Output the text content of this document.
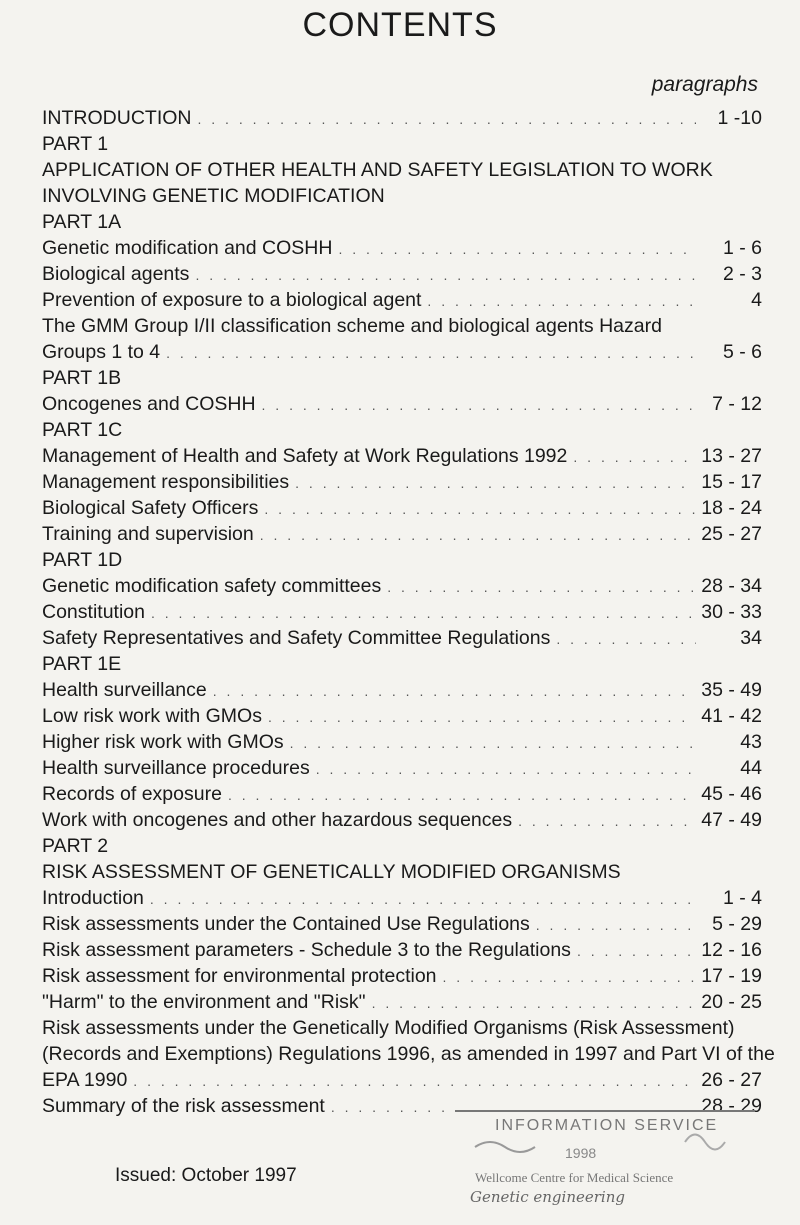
CONTENTS
paragraphs
INTRODUCTION . . .	1 -10
PART 1
APPLICATION OF OTHER HEALTH AND SAFETY LEGISLATION TO WORK
INVOLVING GENETIC MODIFICATION
PART 1A
Genetic modification and COSHH . . .	1 - 6
Biological agents . . .	2 - 3
Prevention of exposure to a biological agent . . .	4
The GMM Group I/II classification scheme and biological agents Hazard
Groups 1 to 4 . . .	5 - 6
PART 1B
Oncogenes and COSHH . . .	7 - 12
PART 1C
Management of Health and Safety at Work Regulations 1992 . . .	13 - 27
Management responsibilities . . .	15 - 17
Biological Safety Officers . . .	18 - 24
Training and supervision . . .	25 - 27
PART 1D
Genetic modification safety committees . . .	28 - 34
Constitution . . .	30 - 33
Safety Representatives and Safety Committee Regulations . . .	34
PART 1E
Health surveillance . . .	35 - 49
Low risk work with GMOs . . .	41 - 42
Higher risk work with GMOs . . .	43
Health surveillance procedures . . .	44
Records of exposure . . .	45 - 46
Work with oncogenes and other hazardous sequences . . .	47 - 49
PART 2
RISK ASSESSMENT OF GENETICALLY MODIFIED ORGANISMS
Introduction . . .	1 - 4
Risk assessments under the Contained Use Regulations . . .	5 - 29
Risk assessment parameters - Schedule 3 to the Regulations . . .	12 - 16
Risk assessment for environmental protection . . .	17 - 19
"Harm" to the environment and "Risk" . . .	20 - 25
Risk assessments under the Genetically Modified Organisms (Risk Assessment)
(Records and Exemptions) Regulations 1996, as amended in 1997 and Part VI of the
EPA 1990 . . .	26 - 27
Summary of the risk assessment . . .	28 - 29
INFORMATION SERVICE
1998
Wellcome Centre for Medical Science
Genetic engineering
Issued: October 1997
